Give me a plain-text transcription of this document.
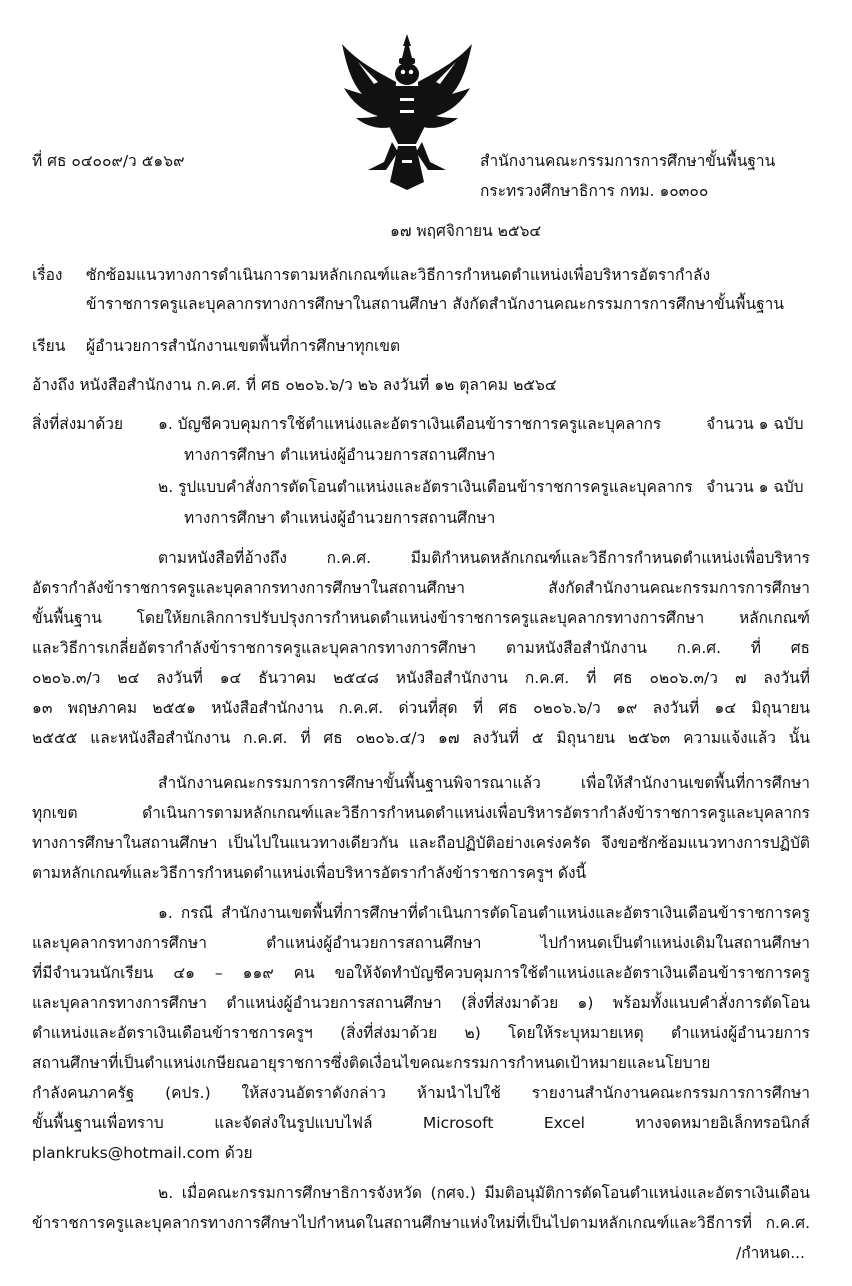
ที่ ศธ ๐๔๐๐๙/ว ๕๑๖๙	สำนักงานคณะกรรมการการศึกษาขั้นพื้นฐาน
กระทรวงศึกษาธิการ กทม. ๑๐๓๐๐
๑๗ พฤศจิกายน ๒๕๖๔
เรื่อง ซักซ้อมแนวทางการดำเนินการตามหลักเกณฑ์และวิธีการกำหนดตำแหน่งเพื่อบริหารอัตรากำลัง
ข้าราชการครูและบุคลากรทางการศึกษาในสถานศึกษา สังกัดสำนักงานคณะกรรมการการศึกษาขั้นพื้นฐาน
เรียน ผู้อำนวยการสำนักงานเขตพื้นที่การศึกษาทุกเขต
อ้างถึง หนังสือสำนักงาน ก.ค.ศ. ที่ ศธ ๐๒๐๖.๖/ว ๒๖ ลงวันที่ ๑๒ ตุลาคม ๒๕๖๔
สิ่งที่ส่งมาด้วย ๑. บัญชีควบคุมการใช้ตำแหน่งและอัตราเงินเดือนข้าราชการครูและบุคลากร	จำนวน ๑ ฉบับ
ทางการศึกษา ตำแหน่งผู้อำนวยการสถานศึกษา
๒. รูปแบบคำสั่งการตัดโอนตำแหน่งและอัตราเงินเดือนข้าราชการครูและบุคลากร จำนวน ๑ ฉบับ
ทางการศึกษา ตำแหน่งผู้อำนวยการสถานศึกษา
ตามหนังสือที่อ้างถึง ก.ค.ศ. มีมติกำหนดหลักเกณฑ์และวิธีการกำหนดตำแหน่งเพื่อบริหาร
อัตรากำลังข้าราชการครูและบุคลากรทางการศึกษาในสถานศึกษา สังกัดสำนักงานคณะกรรมการการศึกษา
ขั้นพื้นฐาน โดยให้ยกเลิกการปรับปรุงการกำหนดตำแหน่งข้าราชการครูและบุคลากรทางการศึกษา หลักเกณฑ์
และวิธีการเกลี่ยอัตรากำลังข้าราชการครูและบุคลากรทางการศึกษา ตามหนังสือสำนักงาน ก.ค.ศ. ที่ ศธ
๐๒๐๖.๓/ว ๒๔ ลงวันที่ ๑๔ ธันวาคม ๒๕๔๘ หนังสือสำนักงาน ก.ค.ศ. ที่ ศธ ๐๒๐๖.๓/ว ๗ ลงวันที่
๑๓ พฤษภาคม ๒๕๕๑ หนังสือสำนักงาน ก.ค.ศ. ด่วนที่สุด ที่ ศธ ๐๒๐๖.๖/ว ๑๙ ลงวันที่ ๑๔ มิถุนายน
๒๕๕๕ และหนังสือสำนักงาน ก.ค.ศ. ที่ ศธ ๐๒๐๖.๔/ว ๑๗ ลงวันที่ ๕ มิถุนายน ๒๕๖๓ ความแจ้งแล้ว นั้น
สำนักงานคณะกรรมการการศึกษาขั้นพื้นฐานพิจารณาแล้ว เพื่อให้สำนักงานเขตพื้นที่การศึกษา
ทุกเขต ดำเนินการตามหลักเกณฑ์และวิธีการกำหนดตำแหน่งเพื่อบริหารอัตรากำลังข้าราชการครูและบุคลากร
ทางการศึกษาในสถานศึกษา เป็นไปในแนวทางเดียวกัน และถือปฏิบัติอย่างเคร่งครัด จึงขอซักซ้อมแนวทางการปฏิบัติ
ตามหลักเกณฑ์และวิธีการกำหนดตำแหน่งเพื่อบริหารอัตรากำลังข้าราชการครูฯ ดังนี้
๑. กรณี สำนักงานเขตพื้นที่การศึกษาที่ดำเนินการตัดโอนตำแหน่งและอัตราเงินเดือนข้าราชการครู
และบุคลากรทางการศึกษา ตำแหน่งผู้อำนวยการสถานศึกษา ไปกำหนดเป็นตำแหน่งเดิมในสถานศึกษา
ที่มีจำนวนนักเรียน ๔๑ – ๑๑๙ คน ขอให้จัดทำบัญชีควบคุมการใช้ตำแหน่งและอัตราเงินเดือนข้าราชการครู
และบุคลากรทางการศึกษา ตำแหน่งผู้อำนวยการสถานศึกษา (สิ่งที่ส่งมาด้วย ๑) พร้อมทั้งแนบคำสั่งการตัดโอน
ตำแหน่งและอัตราเงินเดือนข้าราชการครูฯ (สิ่งที่ส่งมาด้วย ๒) โดยให้ระบุหมายเหตุ ตำแหน่งผู้อำนวยการ
สถานศึกษาที่เป็นตำแหน่งเกษียณอายุราชการซึ่งติดเงื่อนไขคณะกรรมการกำหนดเป้าหมายและนโยบาย
กำลังคนภาครัฐ (คปร.) ให้สงวนอัตราดังกล่าว ห้ามนำไปใช้ รายงานสำนักงานคณะกรรมการการศึกษา
ขั้นพื้นฐานเพื่อทราบ และจัดส่งในรูปแบบไฟล์ Microsoft Excel ทางจดหมายอิเล็กทรอนิกส์
plankruks@hotmail.com ด้วย
๒. เมื่อคณะกรรมการศึกษาธิการจังหวัด (กศจ.) มีมติอนุมัติการตัดโอนตำแหน่งและอัตราเงินเดือน
ข้าราชการครูและบุคลากรทางการศึกษาไปกำหนดในสถานศึกษาแห่งใหม่ที่เป็นไปตามหลักเกณฑ์และวิธีการที่ ก.ค.ศ.
/กำหนด...
